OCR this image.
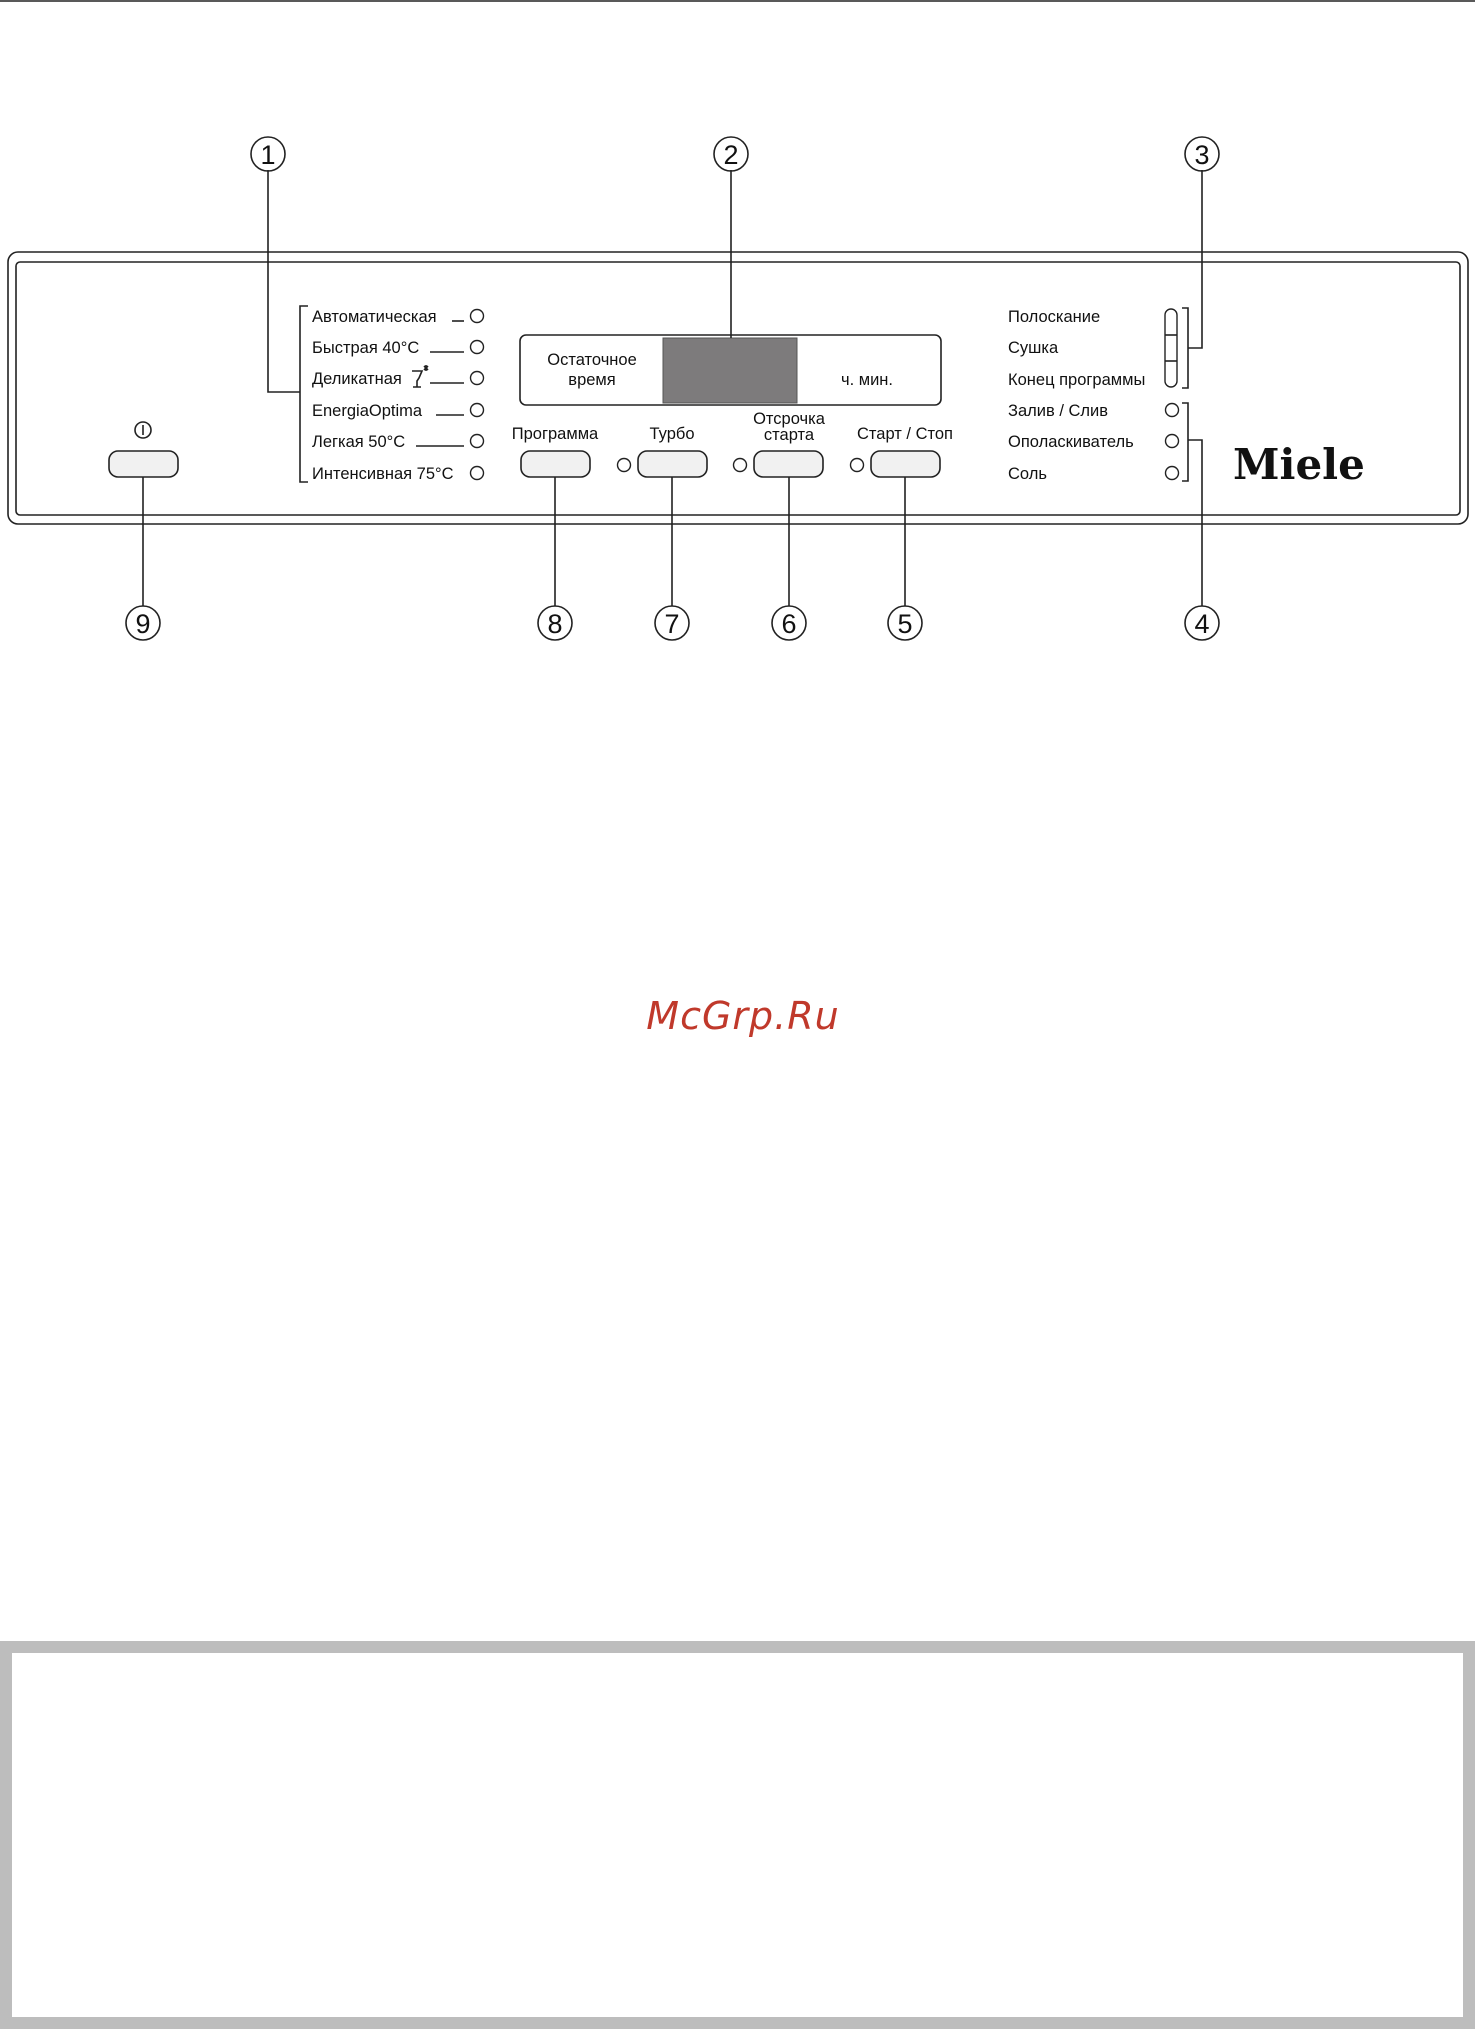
Автоматическая
Быстрая 40°С
Деликатная
EnergiaOptima
Легкая 50°С
Интенсивная 75°С
Остаточное
время	ч. мин.
Программа	Турбо
Отсрочка
старта	Старт / Стоп
Полоскание
Сушка
Конец программы
Залив / Слив
Ополаскиватель
Соль	Miele
1	2	3
4
5
6
7
8
9
McGrp.Ru
